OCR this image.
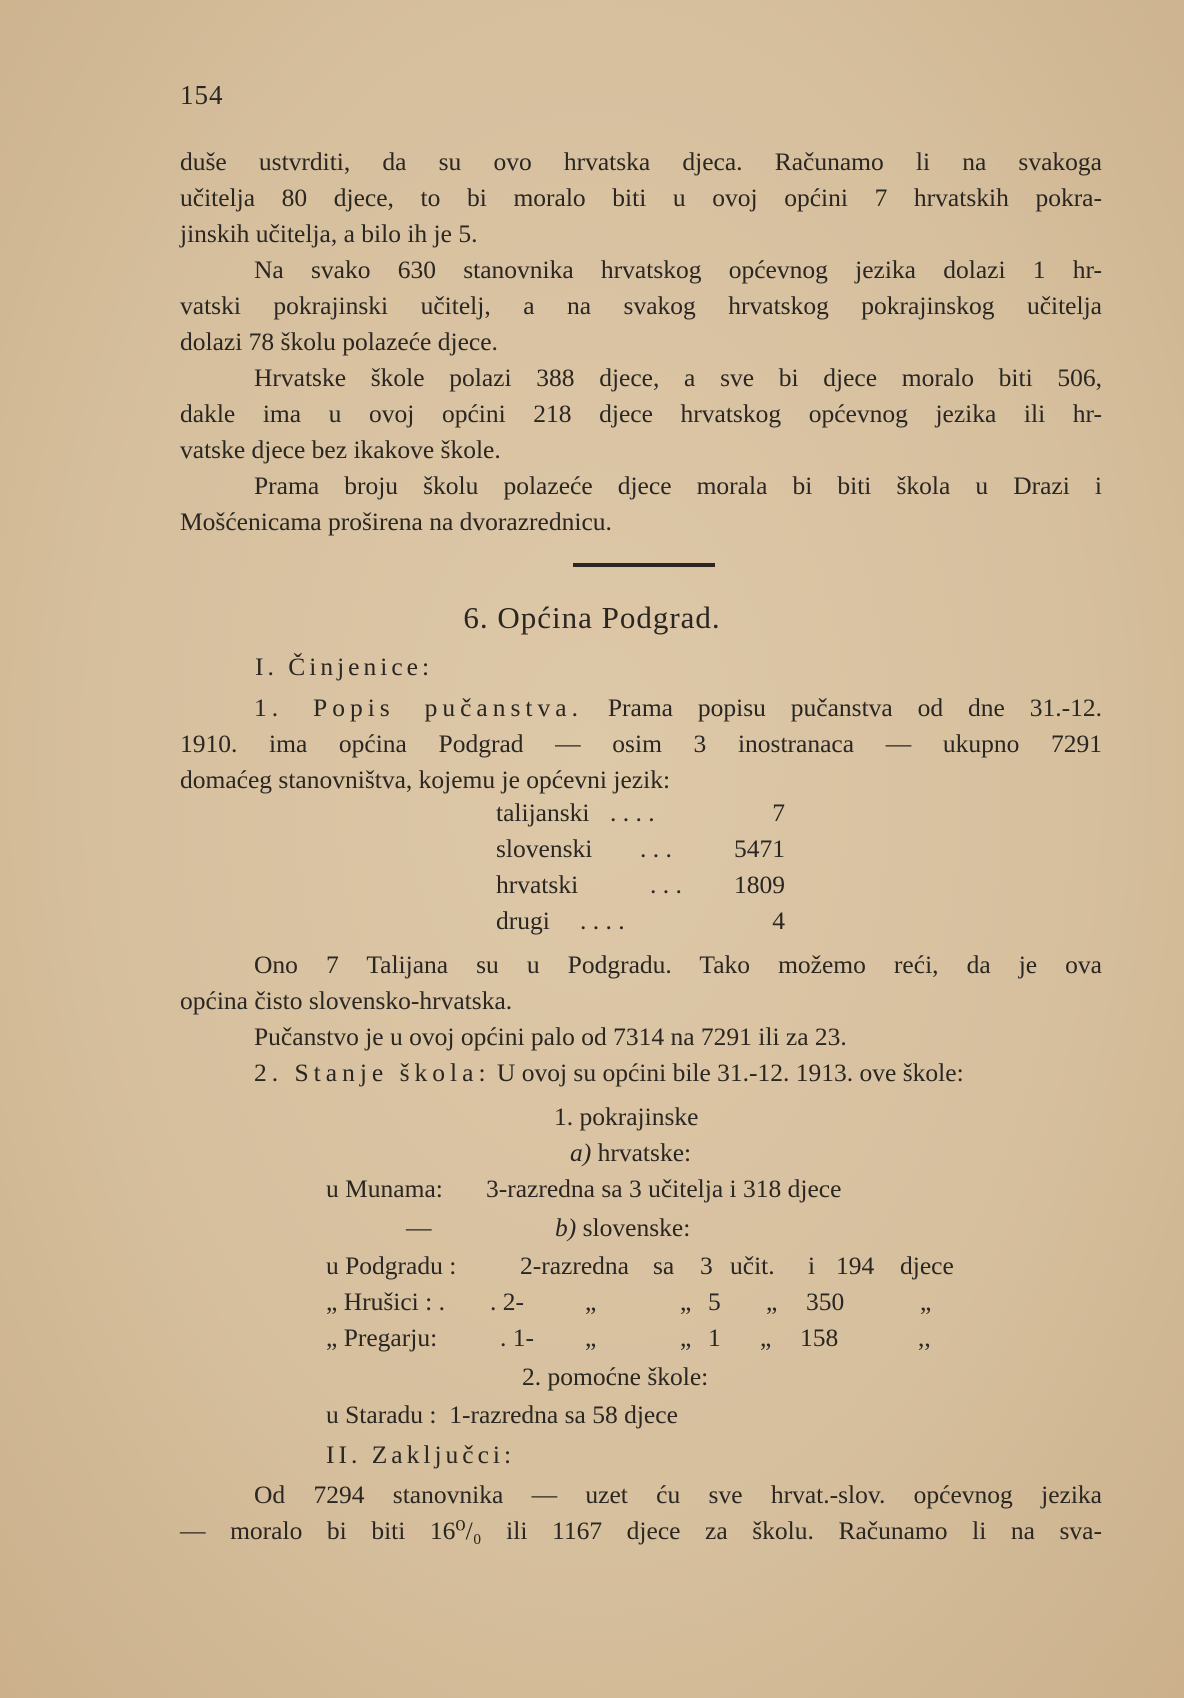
154
duše ustvrditi, da su ovo hrvatska djeca. Računamo li na svakoga
učitelja 80 djece, to bi moralo biti u ovoj općini 7 hrvatskih pokra-
jinskih učitelja, a bilo ih je 5.
Na svako 630 stanovnika hrvatskog općevnog jezika dolazi 1 hr-
vatski pokrajinski učitelj, a na svakog hrvatskog pokrajinskog učitelja
dolazi 78 školu polazeće djece.
Hrvatske škole polazi 388 djece, a sve bi djece moralo biti 506,
dakle ima u ovoj općini 218 djece hrvatskog općevnog jezika ili hr-
vatske djece bez ikakove škole.
Prama broju školu polazeće djece morala bi biti škola u Drazi i
Mošćenicama proširena na dvorazrednicu.
6. Općina Podgrad.
I. Činjenice:
1. Popis pučanstva. Prama popisu pučanstva od dne 31.-12.
1910. ima općina Podgrad — osim 3 inostranaca — ukupno 7291
domaćeg stanovništva, kojemu je općevni jezik:
talijanski . . . .	7
slovenski . . .	5471
hrvatski	. . .	1809
drugi . . . .	4
Ono 7 Talijana su u Podgradu. Tako možemo reći, da je ova
općina čisto slovensko-hrvatska.
Pučanstvo je u ovoj općini palo od 7314 na 7291 ili za 23.
2. Stanje škola: U ovoj su općini bile 31.-12. 1913. ove škole:
1. pokrajinske
a) hrvatske:
u Munama: 3-razredna sa 3 učitelja i 318 djece
—	b) slovenske:
u Podgradu : 2-razredna sa 3 učit. i 194 djece
„ Hrušici : . . 2- „	„ 5 „ 350	„
„ Pregarju: . 1- „	„ 1 „ 158	,,
2. pomoćne škole:
u Staradu :  1-razredna sa 58 djece
II. Zaključci:
Od 7294 stanovnika — uzet ću sve hrvat.-slov. općevnog jezika
— moralo bi biti 16⁰/₀ ili 1167 djece za školu. Računamo li na sva-
